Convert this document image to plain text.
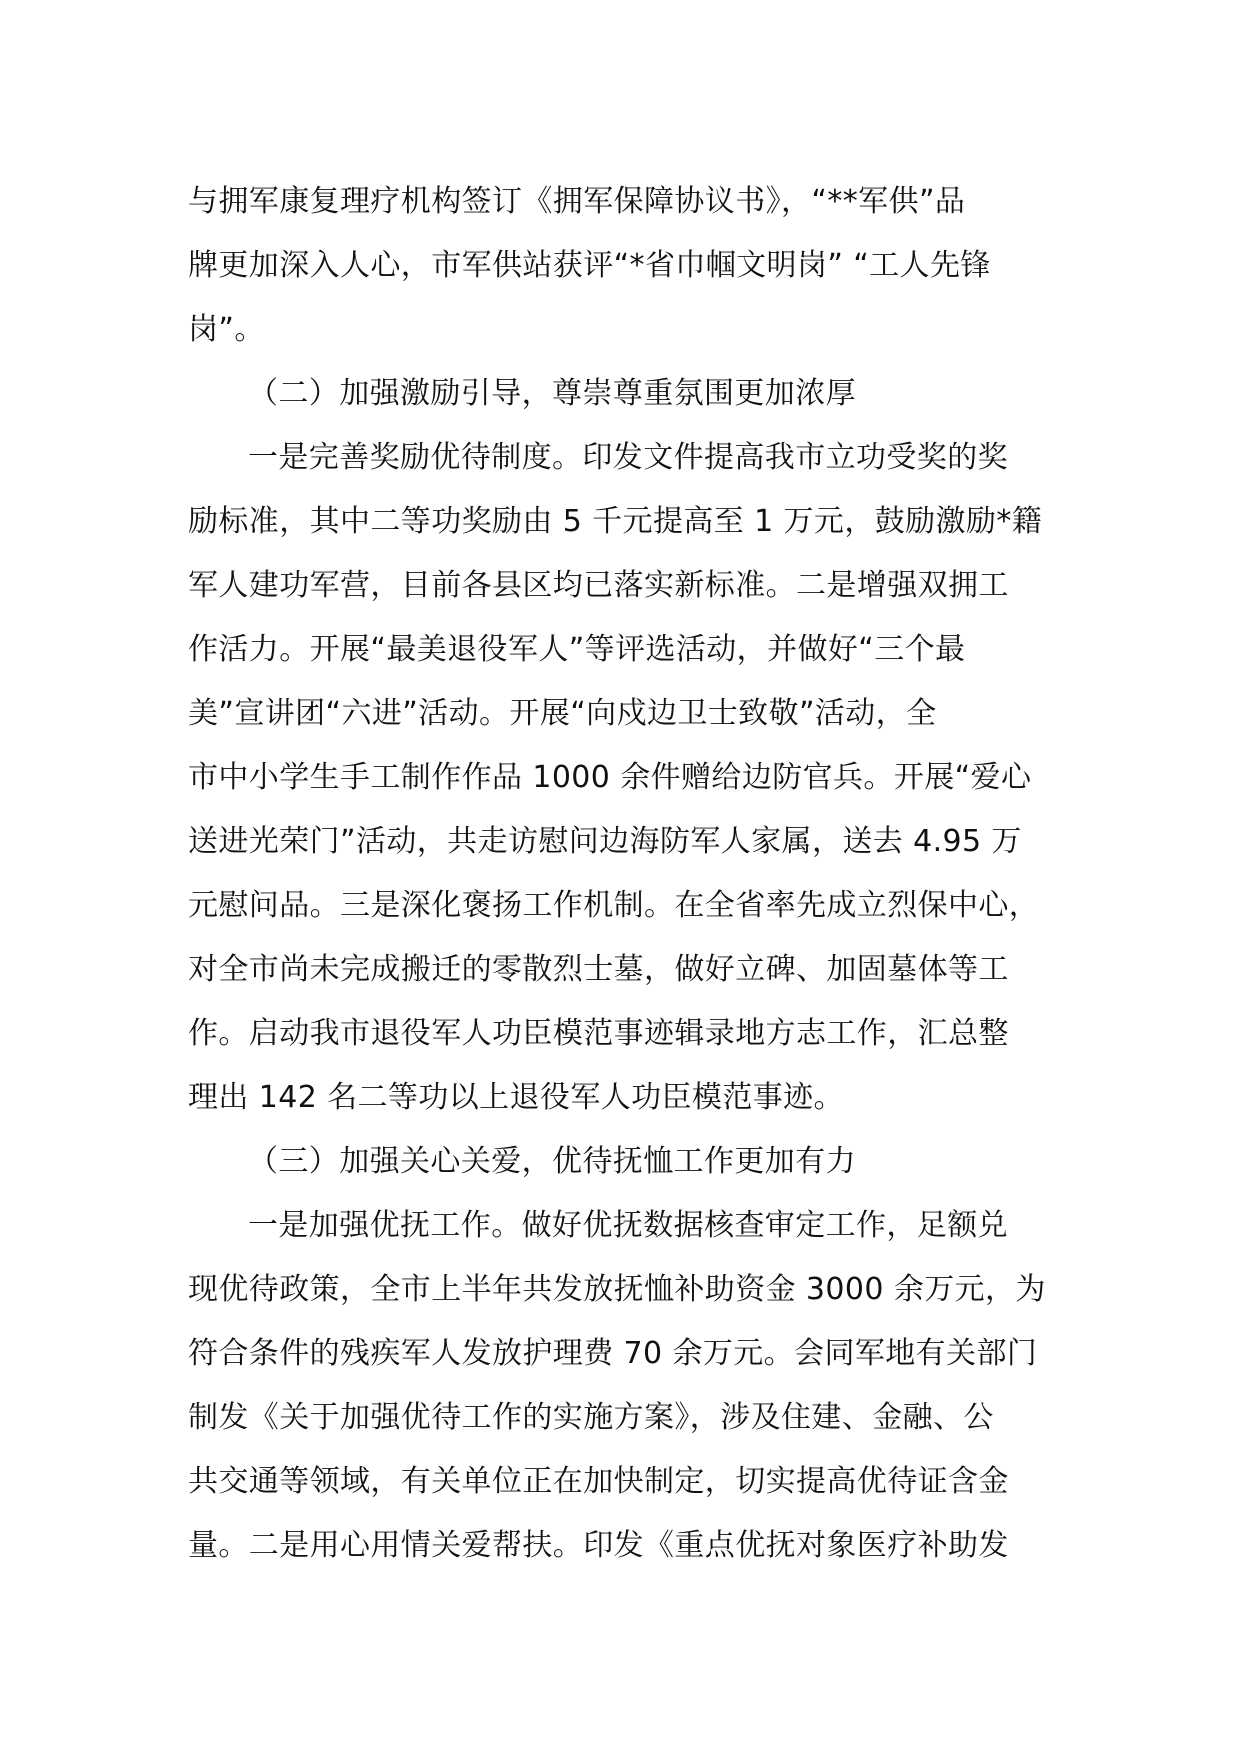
与拥军康复理疗机构签订《拥军保障协议书》，“**军供”品
牌更加深入人心，市军供站获评“*省巾帼文明岗” “工人先锋
岗”。
（二）加强激励引导，尊崇尊重氛围更加浓厚
一是完善奖励优待制度。印发文件提高我市立功受奖的奖
励标准，其中二等功奖励由 5 千元提高至 1 万元，鼓励激励*籍
军人建功军营，目前各县区均已落实新标准。二是增强双拥工
作活力。开展“最美退役军人”等评选活动，并做好“三个最
美”宣讲团“六进”活动。开展“向戍边卫士致敬”活动，全
市中小学生手工制作作品 1000 余件赠给边防官兵。开展“爱心
送进光荣门”活动，共走访慰问边海防军人家属，送去 4.95 万
元慰问品。三是深化褒扬工作机制。在全省率先成立烈保中心，
对全市尚未完成搬迁的零散烈士墓，做好立碑、加固墓体等工
作。启动我市退役军人功臣模范事迹辑录地方志工作，汇总整
理出 142 名二等功以上退役军人功臣模范事迹。
（三）加强关心关爱，优待抚恤工作更加有力
一是加强优抚工作。做好优抚数据核查审定工作，足额兑
现优待政策，全市上半年共发放抚恤补助资金 3000 余万元，为
符合条件的残疾军人发放护理费 70 余万元。会同军地有关部门
制发《关于加强优待工作的实施方案》，涉及住建、金融、公
共交通等领域，有关单位正在加快制定，切实提高优待证含金
量。二是用心用情关爱帮扶。印发《重点优抚对象医疗补助发
